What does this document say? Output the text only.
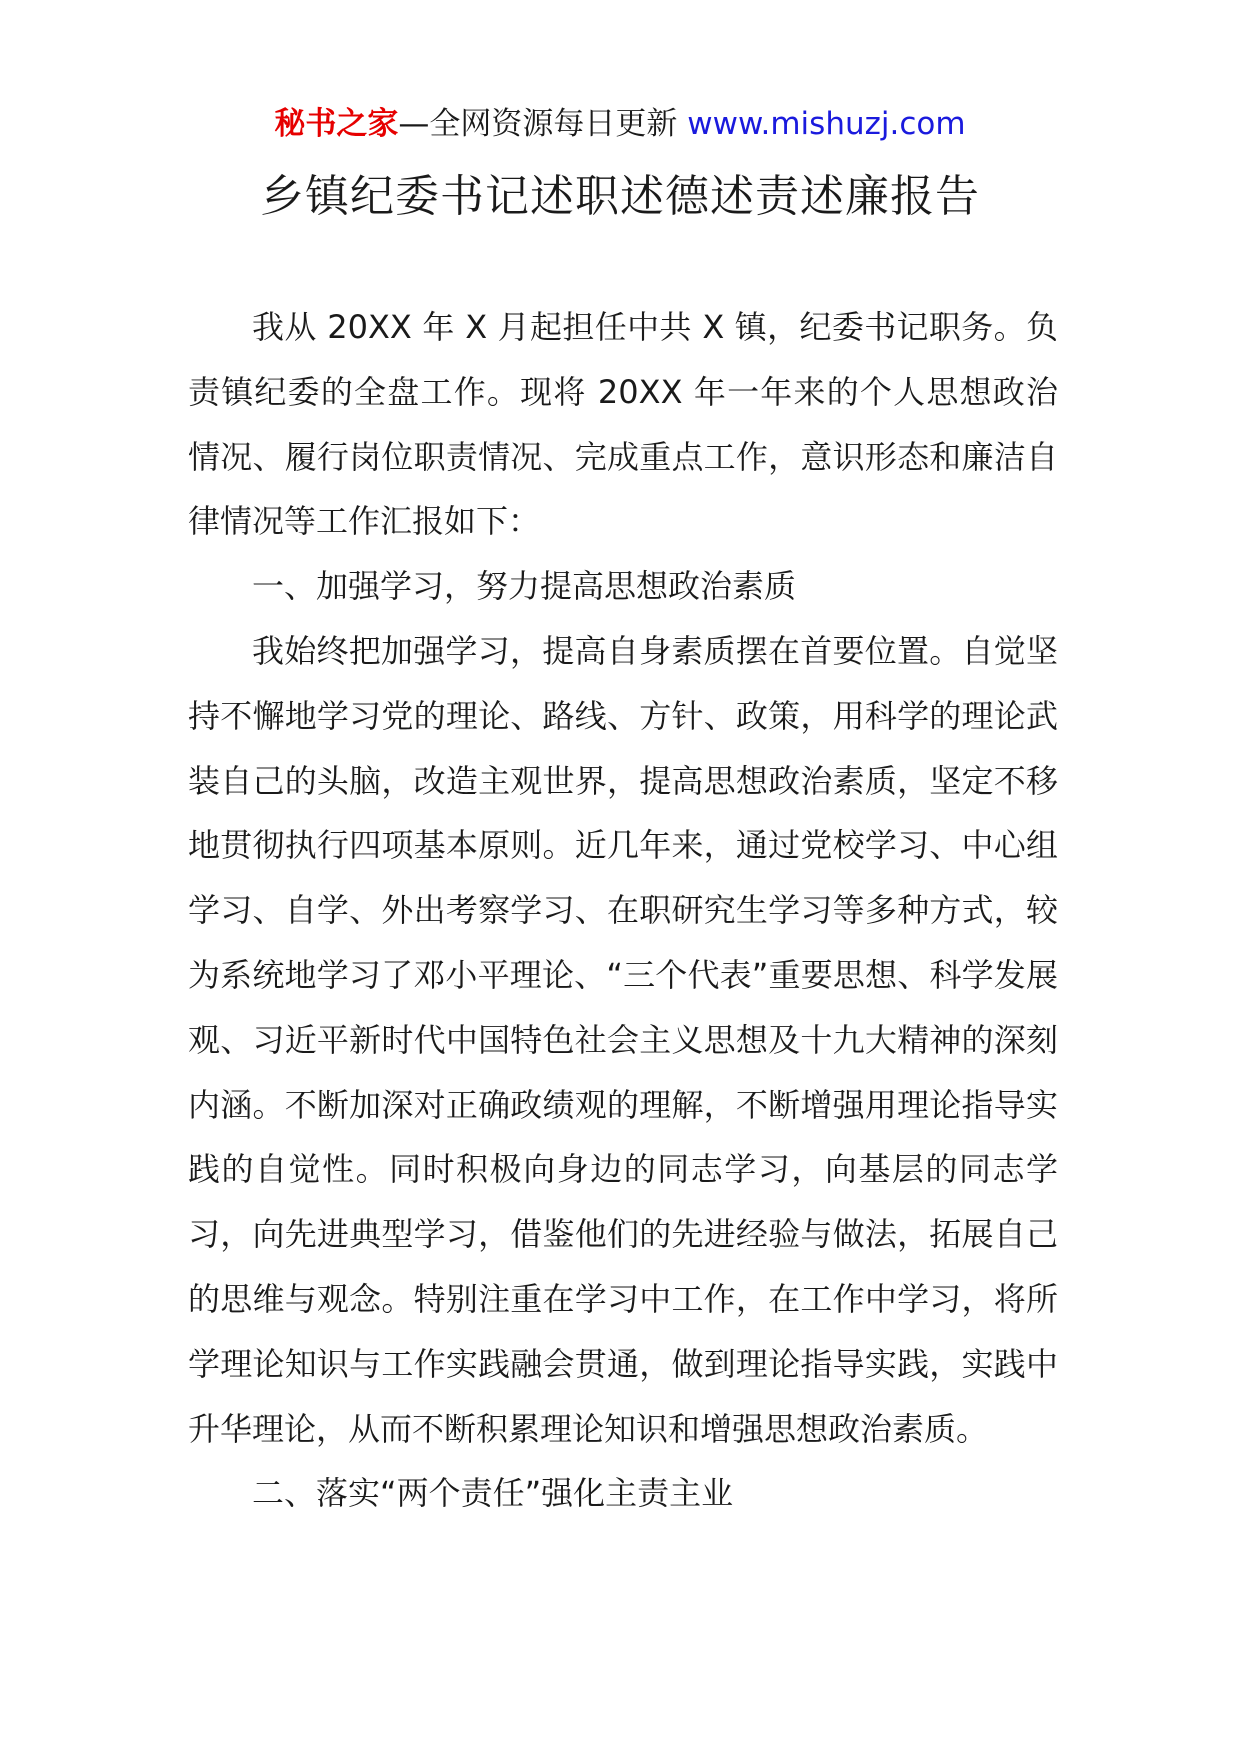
秘书之家—全网资源每日更新 www.mishuzj.com
乡镇纪委书记述职述德述责述廉报告

我从 20XX 年 X 月起担任中共 X 镇，纪委书记职务。负责镇纪委的全盘工作。现将 20XX 年一年来的个人思想政治情况、履行岗位职责情况、完成重点工作，意识形态和廉洁自律情况等工作汇报如下：

一、加强学习，努力提高思想政治素质

我始终把加强学习，提高自身素质摆在首要位置。自觉坚持不懈地学习党的理论、路线、方针、政策，用科学的理论武装自己的头脑，改造主观世界，提高思想政治素质，坚定不移地贯彻执行四项基本原则。近几年来，通过党校学习、中心组学习、自学、外出考察学习、在职研究生学习等多种方式，较为系统地学习了邓小平理论、“三个代表”重要思想、科学发展观、习近平新时代中国特色社会主义思想及十九大精神的深刻内涵。不断加深对正确政绩观的理解，不断增强用理论指导实践的自觉性。同时积极向身边的同志学习，向基层的同志学习，向先进典型学习，借鉴他们的先进经验与做法，拓展自己的思维与观念。特别注重在学习中工作，在工作中学习，将所学理论知识与工作实践融会贯通，做到理论指导实践，实践中升华理论，从而不断积累理论知识和增强思想政治素质。

二、落实“两个责任”强化主责主业
